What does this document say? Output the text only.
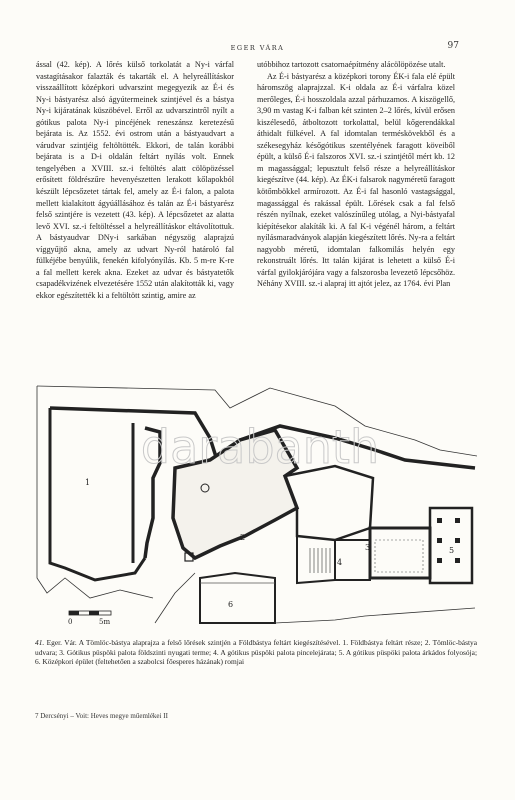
EGER VÁRA	97

ással (42. kép). A lőrés külső torkolatát a Ny-i várfal vastagításakor falazták és takarták el. A helyreállításkor visszaállított középkori udvarszint megegyezik az É-i és Ny-i bástyarész alsó ágyútermeinek szintjével és a bástya Ny-i kijáratának küszöbével. Erről az udvarszintről nyílt a gótikus palota Ny-i pincéjének reneszánsz keretezésű bejárata is. Az 1552. évi ostrom után a bástyaudvart a várudvar szintjéig feltöltötték. Ekkori, de talán korábbi bejárata is a D-i oldalán feltárt nyílás volt. Ennek tengelyében a XVIII. sz.-i feltöltés alatt cölöpözéssel erősített földrészűre hevenyészetten lerakott kőlapokból készült lépcsőzetet tártak fel, amely az É-i falon, a palota mellett kialakított ágyúállásához és talán az É-i bástyarész felső szintjére is vezetett (43. kép). A lépcsőzetet az alatta levő XVI. sz.-i feltöltéssel a helyreállításkor eltávolítottuk. A bástyaudvar DNy-i sarkában négyszög alaprajzú víggyűjtő akna, amely az udvart Ny-ról határoló fal fülkéjébe benyúlik, fenekén kifolyónyílás. Kb. 5 m-re K-re a fal mellett kerek akna. Ezeket az udvar és bástyatetők csapadékvizének elvezetésére 1552 után alakították ki, vagy ekkor egészítették ki a feltöltött szintig, amire az

utóbbihoz tartozott csatornaépítmény alácölöpözése utalt.

Az É-i bástyarész a középkori torony ÉK-i fala elé épült háromszög alaprajzzal. K-i oldala az É-i várfalra közel merőleges, É-i hosszoldala azzal párhuzamos. A kiszögellő, 3,90 m vastag K-i falban két szinten 2–2 lőrés, kívül erősen kiszélesedő, átboltozott torkolattal, belül kőgerendákkal áthidalt fülkével. A fal idomtalan terméskövekből és a székesegyház későgótikus szentélyének faragott köveiből épült, a külső É-i falszoros XVI. sz.-i szintjétől mért kb. 12 m magassággal; lepusztult felső része a helyreállításkor kiegészítve (44. kép). Az ÉK-i falsarok nagyméretű faragott kötőmbökkel armírozott. Az É-i fal hasonló vastagsággal, magassággal és rakással épült. Lőrések csak a fal felső részén nyílnak, ezeket valószínűleg utólag, a Nyi-bástyafal kiépítésekor alakíták ki. A fal K-i végénél három, a feltárt nyílásmaradványok alapján kiegészített lőrés. Ny-ra a feltárt nagyobb méretű, idomtalan falkomilás helyén egy rekonstruált lőrés. Itt talán kijárat is lehetett a külső É-i várfal gyilokjárójára vagy a falszorosba levezető lépcsőhöz. Néhány XVIII. sz.-i alapraj itt ajtót jelez, az 1764. évi Plan

darabanth
1
2
3
4
5
6
0	5m
41. Eger. Vár. A Tömlöc-bástya alaprajza a felső lőrések szintjén a Földbástya feltárt kiegészítésével. 1. Földbástya feltárt része; 2. Tömlöc-bástya udvara; 3. Gótikus püspöki palota földszinti nyugati terme; 4. A gótikus püspöki palota pincelejárata; 5. A gótikus püspöki palota árkádos folyosója; 6. Középkori épület (feltehetően a szabolcsi főesperes házának) romjai
7 Dercsényi – Voit: Heves megye műemlékei II
